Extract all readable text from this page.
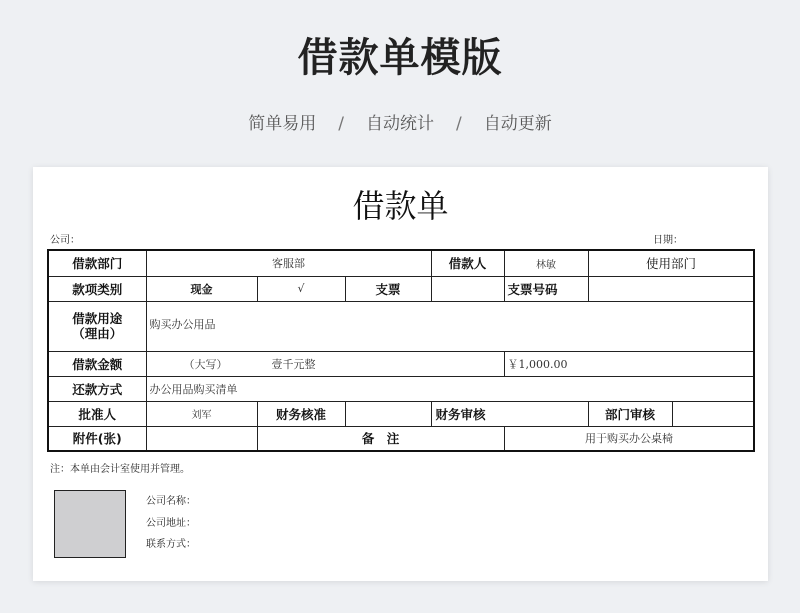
借款单模版
简单易用 / 自动统计 / 自动更新
借款单
公司：	日期：
借款部门	客服部			借款人	林敏	使用部门	
款项类别	现金	√	支票		支票号码			
借款用途
（理由）	购买办公用品							
借款金额	（大写） 壹千元整				￥1,000.00			
还款方式	办公用品购买清单							
批准人	刘军	财务核准		财务审核		部门审核		
附件(张)		备　注			用于购买办公桌椅			
注：本单由会计室使用并管理。
公司名称：
公司地址：
联系方式：
